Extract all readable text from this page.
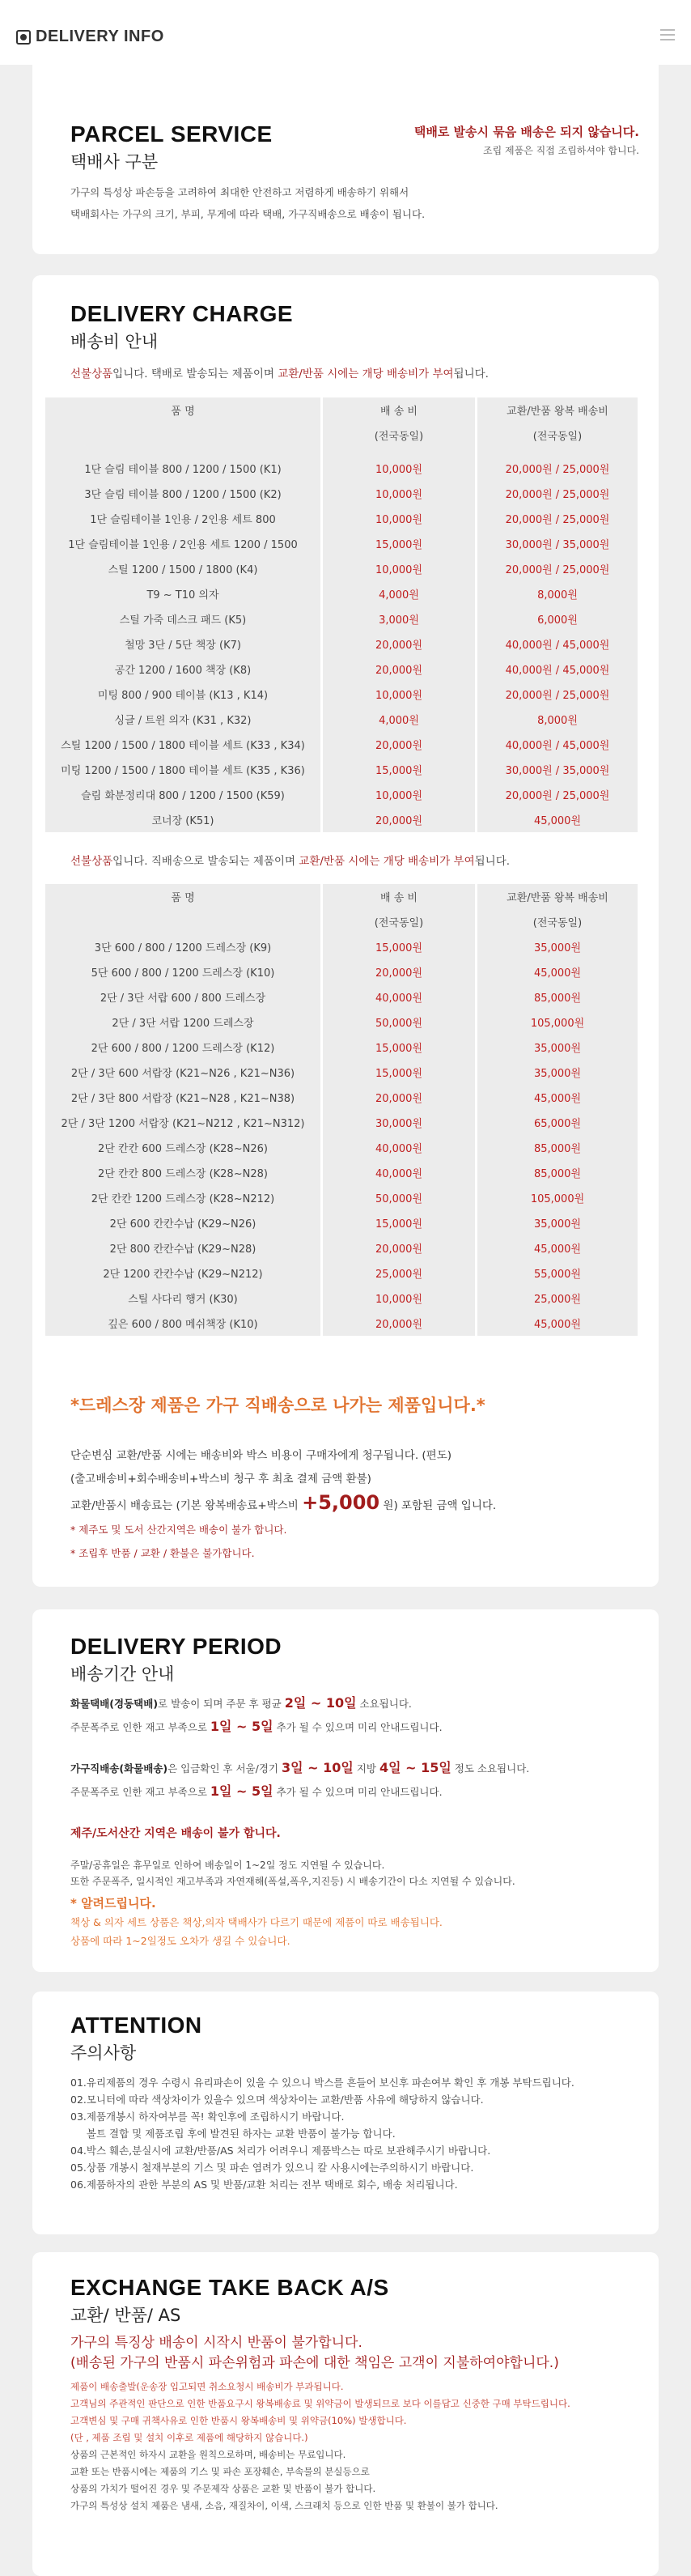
DELIVERY INFO
PARCEL SERVICE
택배사 구분
택배로 발송시 묶음 배송은 되지 않습니다.
조립 제품은 직접 조립하셔야 합니다.
가구의 특성상 파손등을 고려하여 최대한 안전하고 저렴하게 배송하기 위해서
택배회사는 가구의 크기, 부피, 무게에 따라 택배, 가구직배송으로 배송이 됩니다.
DELIVERY CHARGE
배송비 안내
선불상품입니다. 택배로 발송되는 제품이며 교환/반품 시에는 개당 배송비가 부여됩니다.
품 명	배 송 비	교환/반품 왕복 배송비
	(전국동일)	(전국동일)

1단 슬림 테이블 800 / 1200 / 1500 (K1)	10,000원	20,000원 / 25,000원
3단 슬림 테이블 800 / 1200 / 1500 (K2)	10,000원	20,000원 / 25,000원
1단 슬림테이블 1인용 / 2인용 세트 800	10,000원	20,000원 / 25,000원
1단 슬림테이블 1인용 / 2인용 세트 1200 / 1500	15,000원	30,000원 / 35,000원
스틸 1200 / 1500 / 1800 (K4)	10,000원	20,000원 / 25,000원
T9 ~ T10 의자	4,000원	8,000원
스틸 가죽 데스크 패드 (K5)	3,000원	6,000원
철망 3단 / 5단 책장 (K7)	20,000원	40,000원 / 45,000원
공간 1200 / 1600 책장 (K8)	20,000원	40,000원 / 45,000원
미팅 800 / 900 테이블 (K13 , K14)	10,000원	20,000원 / 25,000원
싱글 / 트윈 의자 (K31 , K32)	4,000원	8,000원
스틸 1200 / 1500 / 1800 테이블 세트 (K33 , K34)	20,000원	40,000원 / 45,000원
미팅 1200 / 1500 / 1800 테이블 세트 (K35 , K36)	15,000원	30,000원 / 35,000원
슬림 화분정리대 800 / 1200 / 1500 (K59)	10,000원	20,000원 / 25,000원
코너장 (K51)	20,000원	45,000원
선불상품입니다. 직배송으로 발송되는 제품이며 교환/반품 시에는 개당 배송비가 부여됩니다.
품 명	배 송 비	교환/반품 왕복 배송비
	(전국동일)	(전국동일)
3단 600 / 800 / 1200 드레스장 (K9)	15,000원	35,000원
5단 600 / 800 / 1200 드레스장 (K10)	20,000원	45,000원
2단 / 3단 서랍 600 / 800 드레스장	40,000원	85,000원
2단 / 3단 서랍 1200 드레스장	50,000원	105,000원
2단 600 / 800 / 1200 드레스장 (K12)	15,000원	35,000원
2단 / 3단 600 서랍장 (K21~N26 , K21~N36)	15,000원	35,000원
2단 / 3단 800 서랍장 (K21~N28 , K21~N38)	20,000원	45,000원
2단 / 3단 1200 서랍장 (K21~N212 , K21~N312)	30,000원	65,000원
2단 칸칸 600 드레스장 (K28~N26)	40,000원	85,000원
2단 칸칸 800 드레스장 (K28~N28)	40,000원	85,000원
2단 칸칸 1200 드레스장 (K28~N212)	50,000원	105,000원
2단 600 칸칸수납 (K29~N26)	15,000원	35,000원
2단 800 칸칸수납 (K29~N28)	20,000원	45,000원
2단 1200 칸칸수납 (K29~N212)	25,000원	55,000원
스틸 사다리 행거 (K30)	10,000원	25,000원
깊은 600 / 800 메쉬책장 (K10)	20,000원	45,000원
*드레스장 제품은 가구 직배송으로 나가는 제품입니다.*
단순변심 교환/반품 시에는 배송비와 박스 비용이 구매자에게 청구됩니다. (편도)
(출고배송비+회수배송비+박스비 청구 후 최초 결제 금액 환불)
교환/반품시 배송료는 (기본 왕복배송료+박스비 +5,000 원) 포함된 금액 입니다.
* 제주도 및 도서 산간지역은 배송이 불가 합니다.
* 조립후 반품 / 교환 / 환불은 불가합니다.
DELIVERY PERIOD
배송기간 안내
화물택배(경동택배)로 발송이 되며 주문 후 평균 2일 ~ 10일 소요됩니다.
주문폭주로 인한 재고 부족으로 1일 ~ 5일 추가 될 수 있으며 미리 안내드립니다.
가구직배송(화물배송)은 입금확인 후 서울/경기 3일 ~ 10일 지방 4일 ~ 15일 정도 소요됩니다.
주문폭주로 인한 재고 부족으로 1일 ~ 5일 추가 될 수 있으며 미리 안내드립니다.
제주/도서산간 지역은 배송이 불가 합니다.
주말/공휴일은 휴무일로 인하여 배송일이 1~2일 정도 지연될 수 있습니다.
또한 주문폭주, 일시적인 재고부족과 자연재해(폭설,폭우,지진등) 시 배송기간이 다소 지연될 수 있습니다.
* 알려드립니다.
책상 & 의자 세트 상품은 책상,의자 택배사가 다르기 때문에 제품이 따로 배송됩니다.
상품에 따라 1~2일정도 오차가 생길 수 있습니다.
ATTENTION
주의사항
01.유리제품의 경우 수령시 유리파손이 있을 수 있으니 박스를 흔들어 보신후 파손여부 확인 후 개봉 부탁드립니다.
02.모니터에 따라 색상차이가 있을수 있으며 색상차이는 교환/반품 사유에 해당하지 않습니다.
03.제품개봉시 하자여부를 꼭! 확인후에 조립하시기 바랍니다.
볼트 결합 및 제품조립 후에 발견된 하자는 교환 반품이 불가능 합니다.
04.박스 훼손,분실시에 교환/반품/AS 처리가 어려우니 제품박스는 따로 보관해주시기 바랍니다.
05.상품 개봉시 철재부분의 기스 및 파손 염려가 있으니 칼 사용시에는주의하시기 바랍니다.
06.제품하자의 관한 부분의 AS 및 반품/교환 처리는 전부 택배로 회수, 배송 처리됩니다.
EXCHANGE TAKE BACK A/S
교환/ 반품/ AS
가구의 특징상 배송이 시작시 반품이 불가합니다.
(배송된 가구의 반품시 파손위험과 파손에 대한 책임은 고객이 지불하여야합니다.)
제품이 배송출발(운송장 입고되면 취소요청시 배송비가 부과됩니다.
고객님의 주관적인 판단으로 인한 반품요구시 왕복배송료 및 위약금이 발생되므로 보다 이를답고 신중한 구매 부탁드립니다.
고객변심 및 구매 귀책사유로 인한 반품시 왕복배송비 및 위약금(10%) 발생합니다.
(단 , 제품 조립 및 설치 이후로 제품에 해당하지 않습니다.)
상품의 근본적인 하자시 교환을 원칙으로하며, 배송비는 무료입니다.
교환 또는 반품시에는 제품의 기스 및 파손 포장훼손, 부속물의 분실등으로
상품의 가치가 떨어진 경우 및 주문제작 상품은 교환 및 반품이 불가 합니다.
가구의 특성상 설치 제품은 냄새, 소음, 재질차이, 이색, 스크래치 등으로 인한 반품 및 환불이 불가 합니다.
